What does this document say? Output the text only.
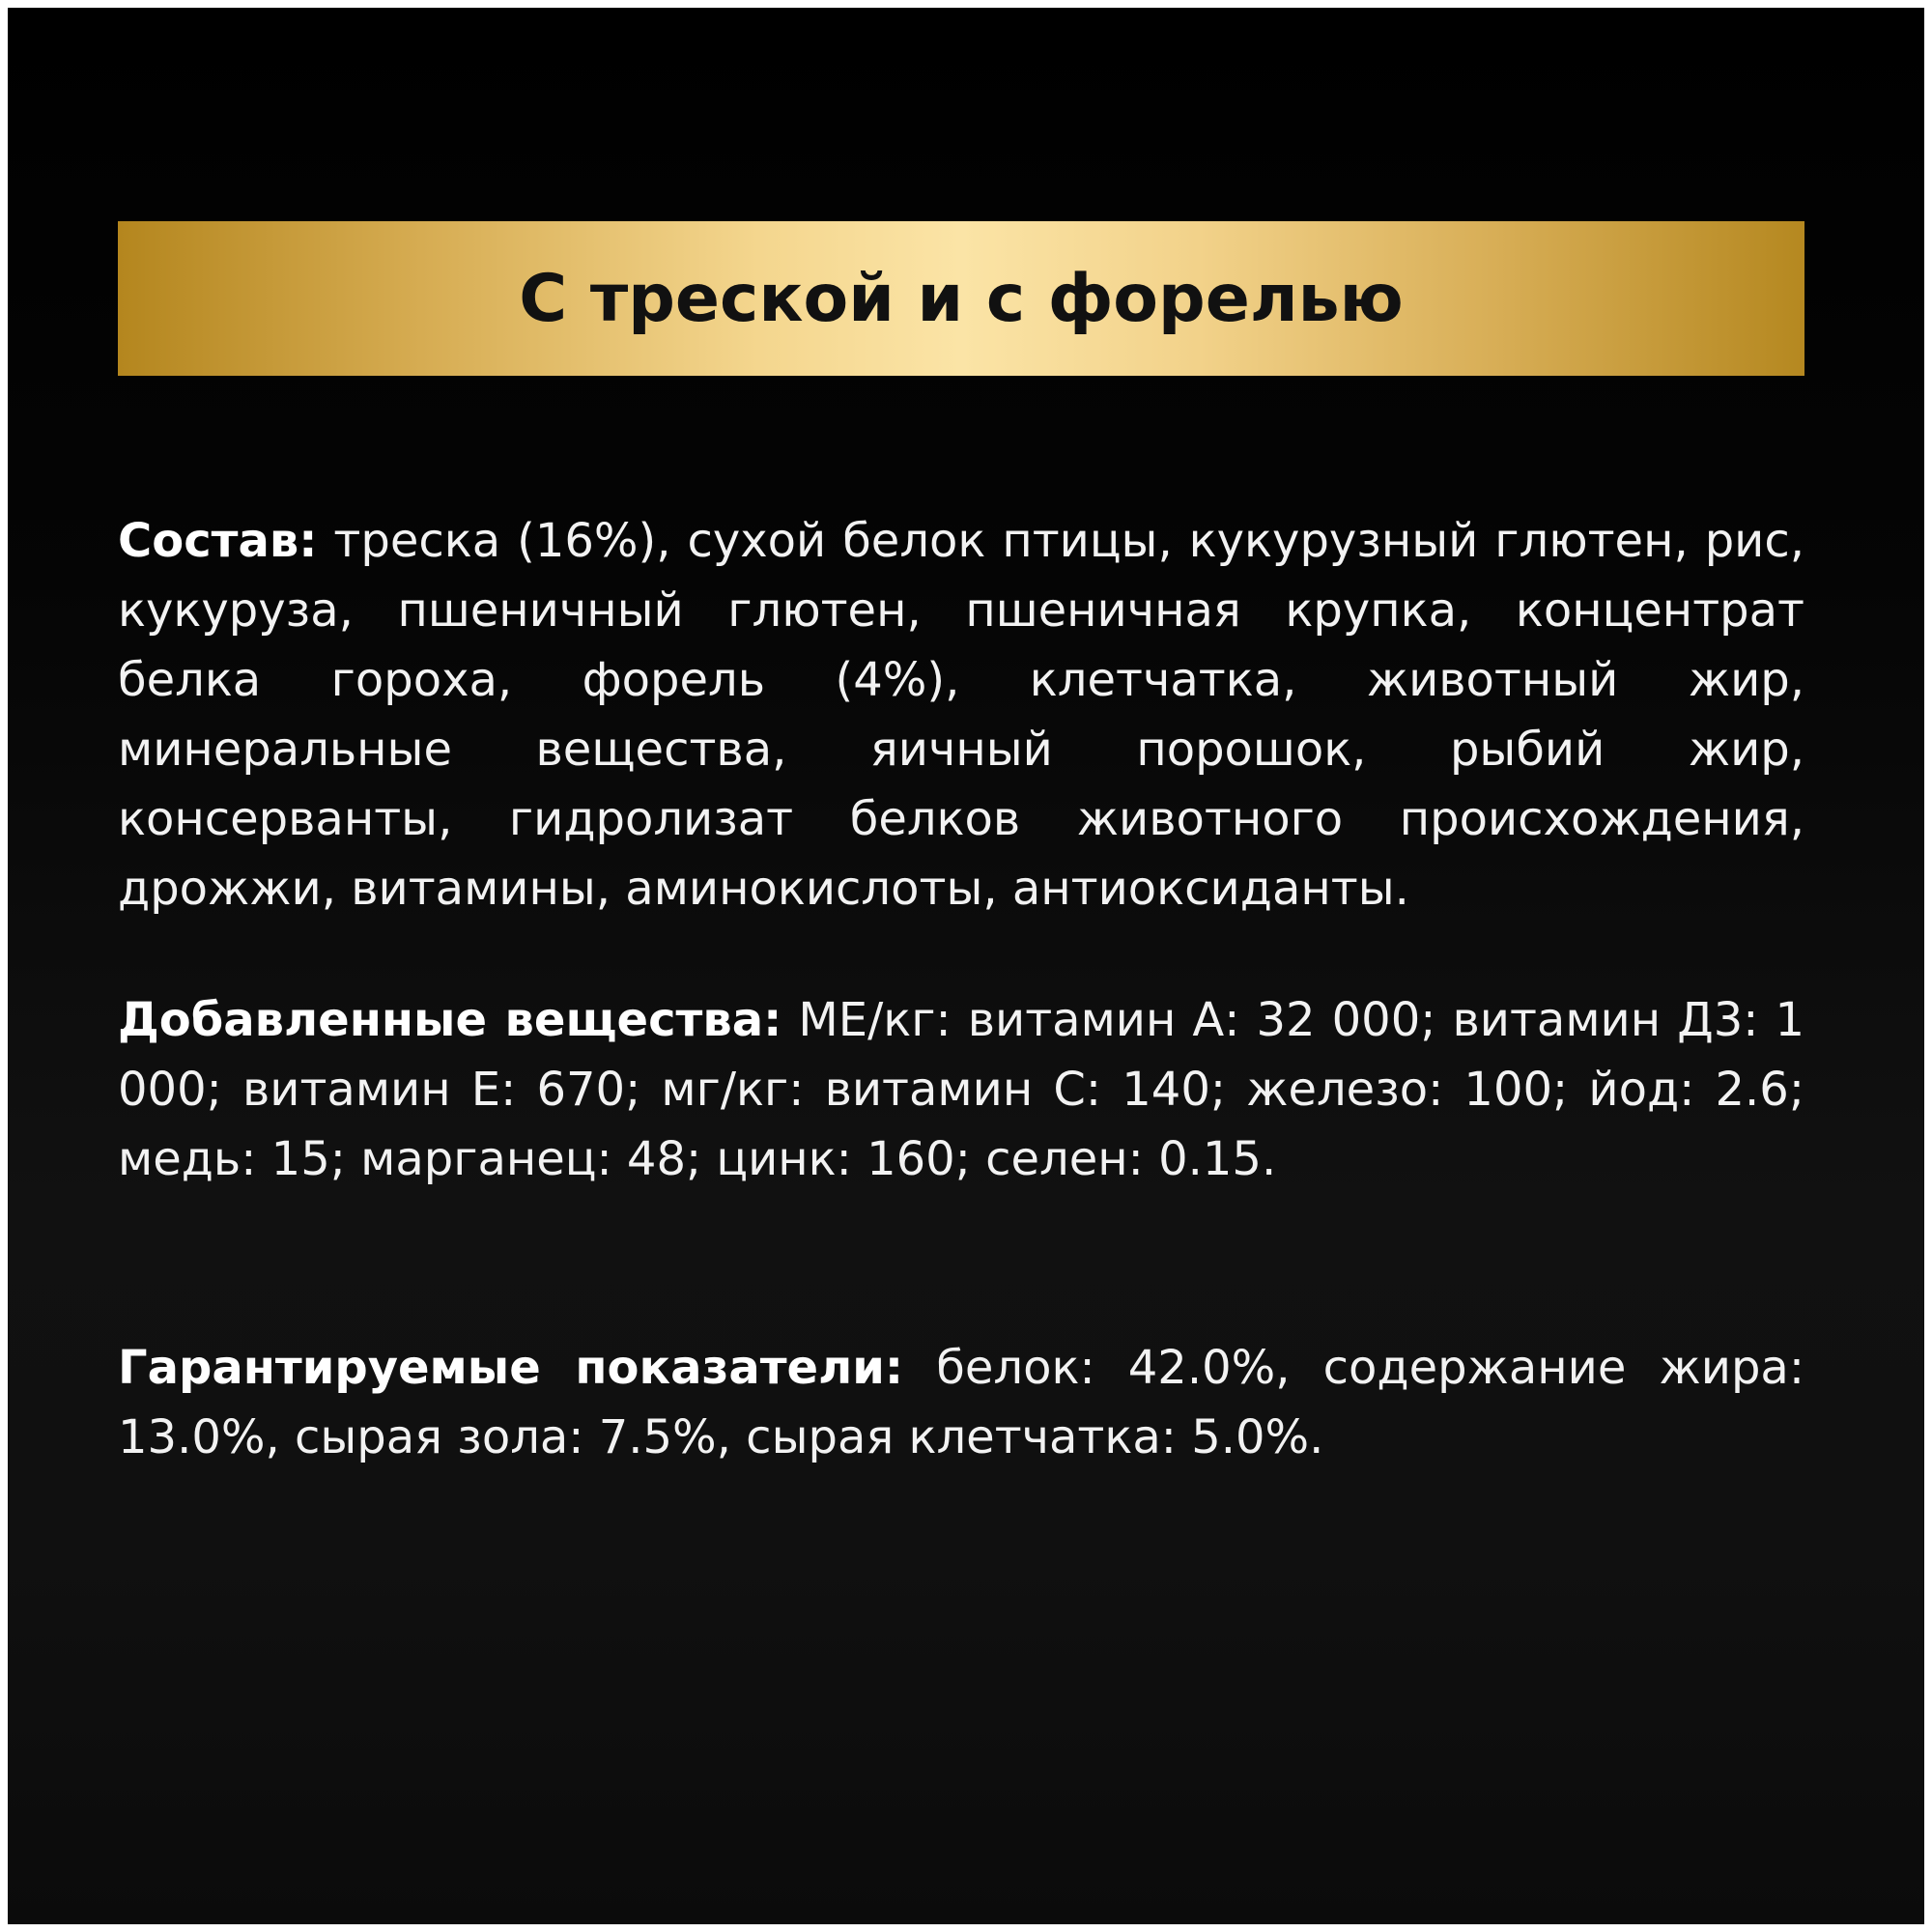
С треской и с форелью
Состав: треска (16%), сухой белок птицы, кукурузный глютен, рис, кукуруза, пшеничный глютен, пшеничная крупка, концентрат белка гороха, форель (4%), клетчатка, животный жир, минеральные вещества, яичный порошок, рыбий жир, консерванты, гидролизат белков животного происхождения, дрожжи, витамины, аминокислоты, антиоксиданты.
Добавленные вещества: МЕ/кг: витамин А: 32 000; витамин Д3: 1 000; витамин Е: 670; мг/кг: витамин С: 140; железо: 100; йод: 2.6; медь: 15; марганец: 48; цинк: 160; селен: 0.15.
Гарантируемые показатели: белок: 42.0%, содержание жира: 13.0%, сырая зола: 7.5%, сырая клетчатка: 5.0%.
